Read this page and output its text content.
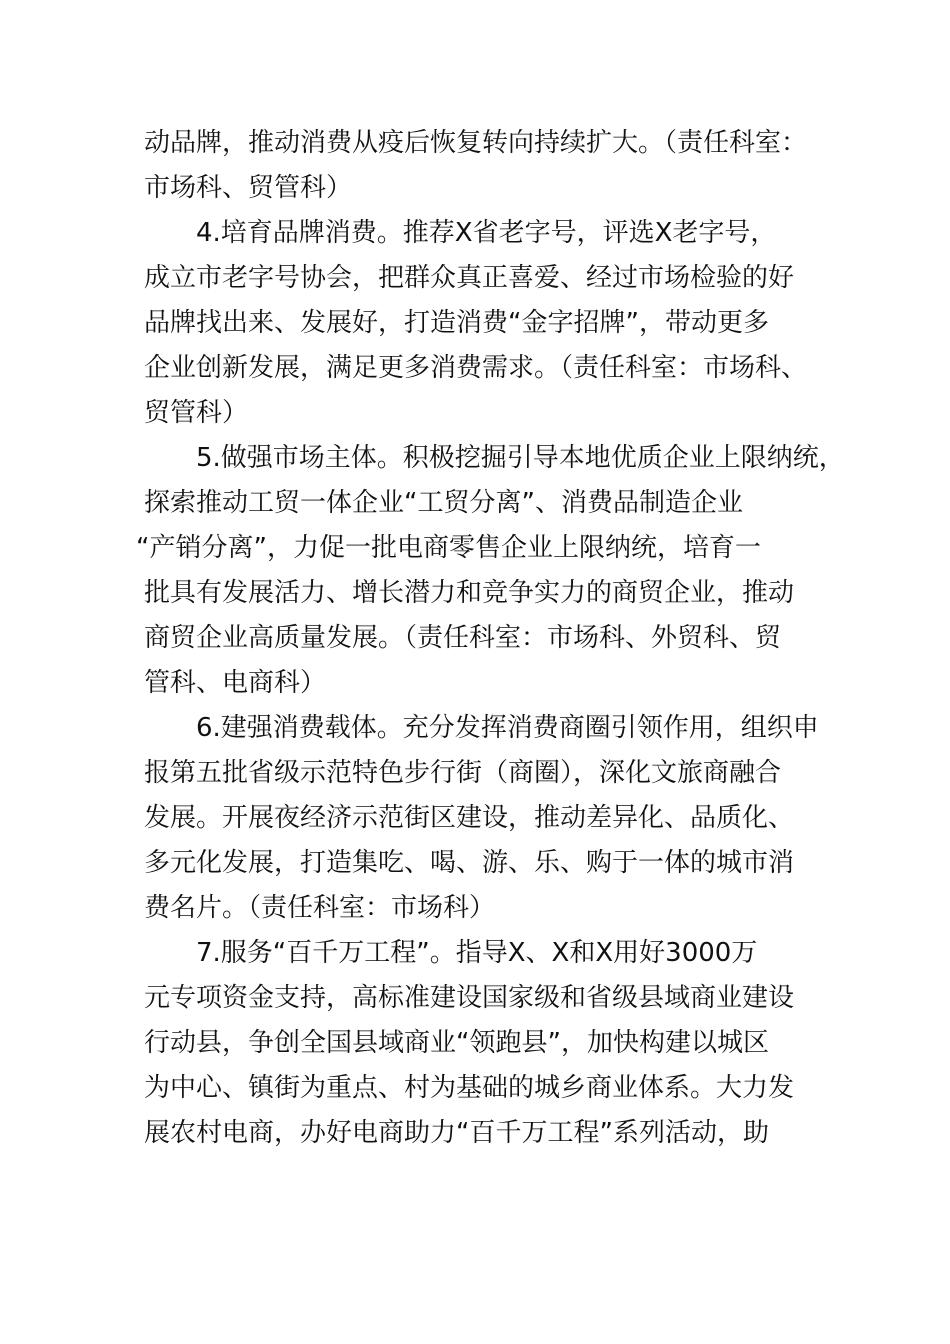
动品牌，推动消费从疫后恢复转向持续扩大。（责任科室：
市场科、贸管科）
4.培育品牌消费。推荐X省老字号，评选X老字号，
成立市老字号协会，把群众真正喜爱、经过市场检验的好
品牌找出来、发展好，打造消费“金字招牌”，带动更多
企业创新发展，满足更多消费需求。（责任科室：市场科、
贸管科）
5.做强市场主体。积极挖掘引导本地优质企业上限纳统，
探索推动工贸一体企业“工贸分离”、消费品制造企业
“产销分离”，力促一批电商零售企业上限纳统，培育一
批具有发展活力、增长潜力和竞争实力的商贸企业，推动
商贸企业高质量发展。（责任科室：市场科、外贸科、贸
管科、电商科）
6.建强消费载体。充分发挥消费商圈引领作用，组织申
报第五批省级示范特色步行街（商圈），深化文旅商融合
发展。开展夜经济示范街区建设，推动差异化、品质化、
多元化发展，打造集吃、喝、游、乐、购于一体的城市消
费名片。（责任科室：市场科）
7.服务“百千万工程”。指导X、X和X用好3000万
元专项资金支持，高标准建设国家级和省级县域商业建设
行动县，争创全国县域商业“领跑县”，加快构建以城区
为中心、镇街为重点、村为基础的城乡商业体系。大力发
展农村电商，办好电商助力“百千万工程”系列活动，助
